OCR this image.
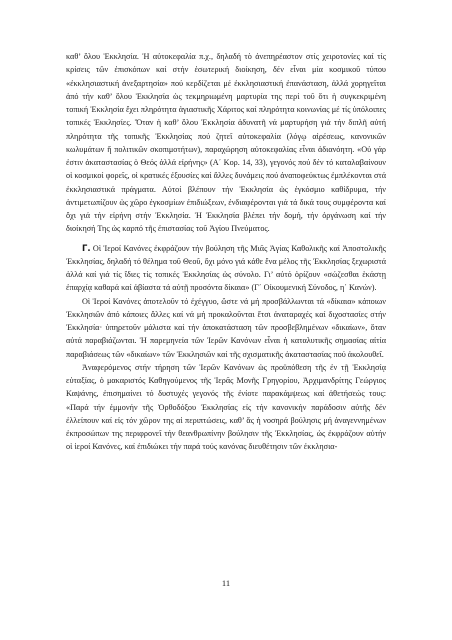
καθ’ ὅλου Ἐκκλησία. Ἡ αὐτοκεφαλία π.χ., δηλαδή τὸ ἀνεπηρέαστον στίς χειροτονίες καί τίς κρίσεις τῶν ἐπισκόπων καί στήν ἐσωτερική διοίκηση, δέν εἶναι μία κοσμικοῦ τύπου «ἐκκλησιαστική ἀνεξαρτησία» πού κερδίζεται μέ ἐκκλησιαστική ἐπανάσταση, ἀλλά χορηγεῖται ἀπό τήν καθ’ ὅλου Ἐκκλησία ὡς τεκμηριωμένη μαρτυρία της περί τοῦ ὅτι ἡ συγκεκριμένη τοπική Ἐκκλησία ἔχει πληρότητα ἁγιαστικῆς Χάριτος καί πληρότητα κοινωνίας μέ τίς ὑπόλοιπες τοπικές Ἐκκλησίες. Ὅταν ἡ καθ’ ὅλου Ἐκκλησία ἀδυνατῆ νά μαρτυρήση γιά τήν διπλῆ αὐτή πληρότητα τῆς τοπικῆς Ἐκκλησίας πού ζητεῖ αὐτοκεφαλία (λόγῳ αἱρέσεως, κανονικῶν κωλυμάτων ἤ πολιτικῶν σκοπιμοτήτων), παραχώρηση αὐτοκεφαλίας εἶναι ἀδιανόητη. «Οὐ γάρ ἐστιν ἀκαταστασίας ὁ Θεός ἀλλά εἰρήνης» (Α΄ Κορ. 14, 33), γεγονός πού δέν τό καταλαβαίνουν οἱ κοσμικοί φορεῖς, οἱ κρατικές ἐξουσίες καί ἄλλες δυνάμεις πού ἀναποφεύκτως ἐμπλέκονται στά ἐκκλησιαστικά πράγματα. Αὐτοί βλέπουν τήν Ἐκκλησία ὡς ἐγκόσμιο καθίδρυμα, τήν ἀντιμετωπίζουν ὡς χῶρο ἐγκοσμίων ἐπιδιώξεων, ἐνδιαφέρονται γιά τά δικά τους συμφέροντα καί ὄχι γιά τήν εἰρήνη στήν Ἐκκλησία. Ἡ Ἐκκλησία βλέπει τήν δομή, τήν ὀργάνωση καί τήν διοίκησή Της ὡς καρπό τῆς ἐπιστασίας τοῦ Ἁγίου Πνεύματος.

Γ. Οἱ Ἱεροί Κανόνες ἐκφράζουν τήν βούληση τῆς Μιᾶς Ἁγίας Καθολικῆς καί Ἀποστολικῆς Ἐκκλησίας, δηλαδή τό θέλημα τοῦ Θεοῦ, ὄχι μόνο γιά κάθε ἕνα μέλος τῆς Ἐκκλησίας ξεχωριστά ἀλλά καί γιά τίς ἴδιες τίς τοπικές Ἐκκλησίας ὡς σύνολο. Γι’ αὐτό ὁρίζουν «σώζεσθαι ἑκάστῃ ἐπαρχίᾳ καθαρά καί ἀβίαστα τά αὐτῇ προσόντα δίκαια» (Γ΄ Οἰκουμενική Σύνοδος, η΄ Κανών).

Οἱ Ἱεροί Κανόνες ἀποτελοῦν τό ἐχέγγυο, ὥστε νά μή προσβάλλωνται τά «δίκαια» κάποιων Ἐκκλησιῶν ἀπό κάποιες ἄλλες καί νά μή προκαλοῦνται ἔτσι ἀναταραχές καί διχοστασίες στήν Ἐκκλησία· ὑπηρετοῦν μάλιστα καί τήν ἀποκατάσταση τῶν προσβεβλημένων «δικαίων», ὅταν αὐτά παραβιάζωνται. Ἡ παρεμηνεία τῶν Ἱερῶν Κανόνων εἶναι ἡ καταλυτικῆς σημασίας αἰτία παραβιάσεως τῶν «δικαίων» τῶν Ἐκκλησιῶν καί τῆς σχισματικῆς ἀκαταστασίας πού ἀκολουθεῖ.

Ἀναφερόμενος στήν τήρηση τῶν Ἱερῶν Κανόνων ὡς προϋπόθεση τῆς ἐν τῇ Ἐκκλησίᾳ εὐταξίας, ὁ μακαριστός Καθηγούμενος τῆς Ἱερᾶς Μονῆς Γρηγορίου, Ἀρχιμανδρίτης Γεώργιος Καψάνης, ἐπισημαίνει τό δυστυχές γεγονός τῆς ἐνίοτε παρακάμψεως καί ἀθετήσεώς τους: «Παρά τήν ἐμμονήν τῆς Ὀρθοδόξου Ἐκκλησίας εἰς τήν κανονικήν παράδοσιν αὐτῆς δέν ἐλλείπουν καί εἰς τόν χῶρον της αἱ περιπτώσεις, καθ’ ἅς ἡ νοσηρά βούλησις μή ἀναγεννημένων ἐκπροσώπων της περιφρονεῖ τήν θεανθρωπίνην βούλησιν τῆς Ἐκκλησίας, ὡς ἐκφράζουν αὐτήν οἱ ἱεροί Κανόνες, καί ἐπιδιώκει τήν παρά τούς κανόνας διευθέτησιν τῶν ἐκκλησια-

11
